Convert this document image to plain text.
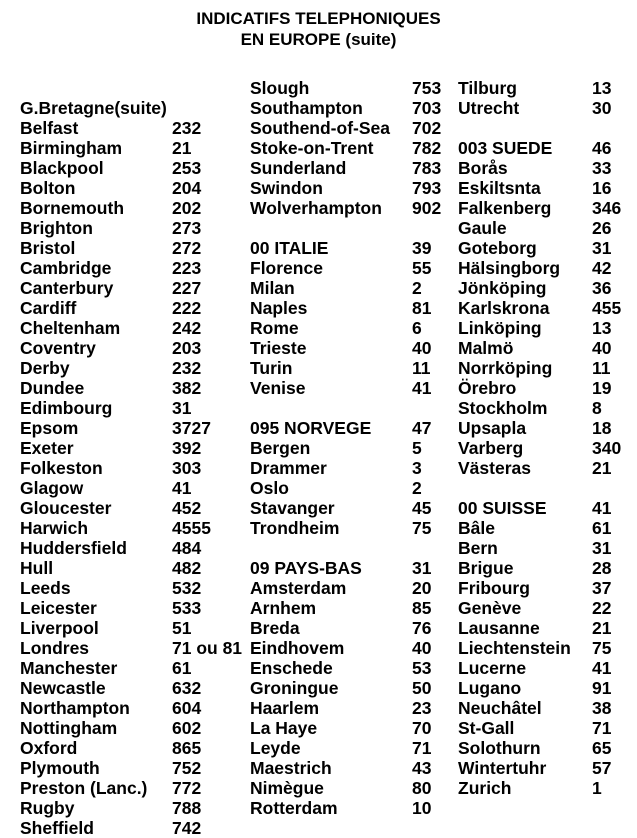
INDICATIFS TELEPHONIQUES
EN EUROPE (suite)
G.Bretagne(suite)
Belfast	232
Birmingham	21
Blackpool	253
Bolton	204
Bornemouth	202
Brighton	273
Bristol	272
Cambridge	223
Canterbury	227
Cardiff	222
Cheltenham	242
Coventry	203
Derby	232
Dundee	382
Edimbourg	31
Epsom	3727
Exeter	392
Folkeston	303
Glagow	41
Gloucester	452
Harwich	4555
Huddersfield	484
Hull	482
Leeds	532
Leicester	533
Liverpool	51
Londres	71 ou 81
Manchester	61
Newcastle	632
Northampton 604
Nottingham	602
Oxford	865
Plymouth	752
Preston (Lanc.) 772
Rugby	788
Sheffield	742
Slough	753
Southampton	703
Southend-of-Sea 702
Stoke-on-Trent 782
Sunderland	783
Swindon	793
Wolverhampton 902
00 ITALIE	39
Florence	55
Milan	2
Naples	81
Rome	6
Trieste	40
Turin	11
Venise	41
095 NORVEGE 47
Bergen	5
Drammer	3
Oslo	2
Stavanger	45
Trondheim	75
09 PAYS-BAS	31
Amsterdam	20
Arnhem	85
Breda	76
Eindhovem	40
Enschede	53
Groningue	50
Haarlem	23
La Haye	70
Leyde	71
Maestrich	43
Nimègue	80
Rotterdam	10
Tilburg	13
Utrecht	30
003 SUEDE 46
Borås	33
Eskiltsnta	16
Falkenberg 346
Gaule	26
Goteborg	31
Hälsingborg 42
Jönköping	36
Karlskrona 455
Linköping	13
Malmö	40
Norrköping 11
Örebro	19
Stockholm	8
Upsapla	18
Varberg	340
Västeras	21
00 SUISSE	41
Bâle	61
Bern	31
Brigue	28
Fribourg	37
Genève	22
Lausanne	21
Liechtenstein 75
Lucerne	41
Lugano	91
Neuchâtel	38
St-Gall	71
Solothurn	65
Wintertuhr	57
Zurich	1
